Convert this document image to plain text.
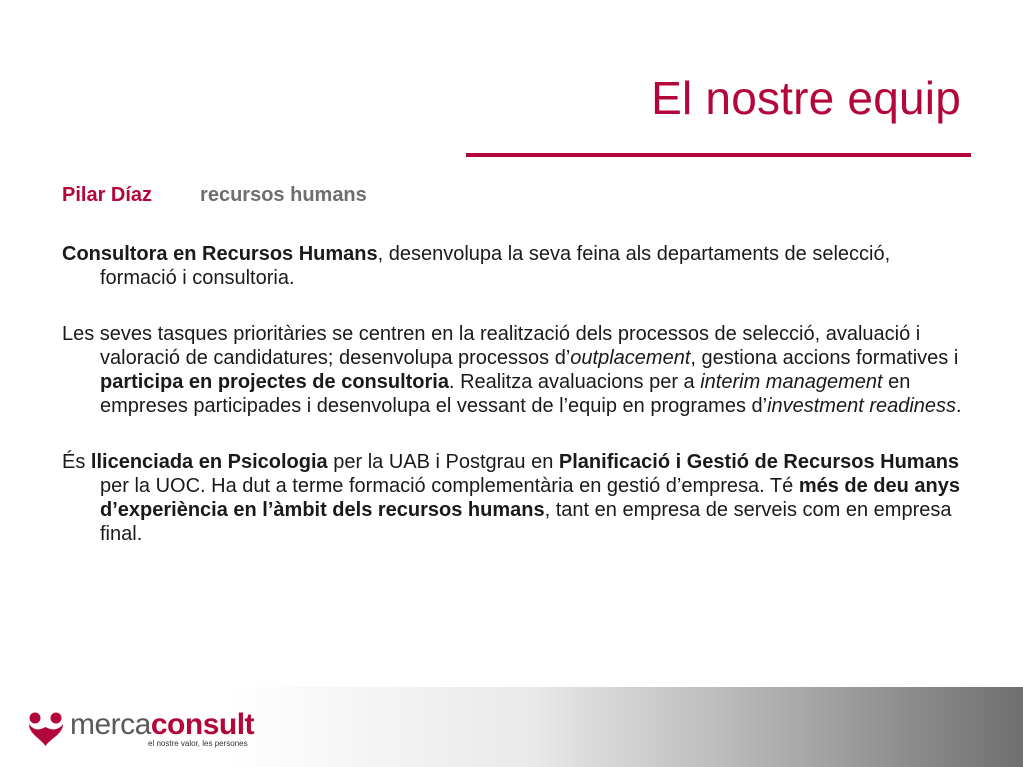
El nostre equip
Pilar Díaz recursos humans

Consultora en Recursos Humans, desenvolupa la seva feina als departaments de selecció, formació i consultoria.

Les seves tasques prioritàries se centren en la realització dels processos de selecció, avaluació i valoració de candidatures; desenvolupa processos d’outplacement, gestiona accions formatives i participa en projectes de consultoria. Realitza avaluacions per a interim management en empreses participades i desenvolupa el vessant de l’equip en programes d’investment readiness.

És llicenciada en Psicologia per la UAB i Postgrau en Planificació i Gestió de Recursos Humans per la UOC. Ha dut a terme formació complementària en gestió d’empresa. Té més de deu anys d’experiència en l’àmbit dels recursos humans, tant en empresa de serveis com en empresa final.

mercaconsult
el nostre valor, les persones
